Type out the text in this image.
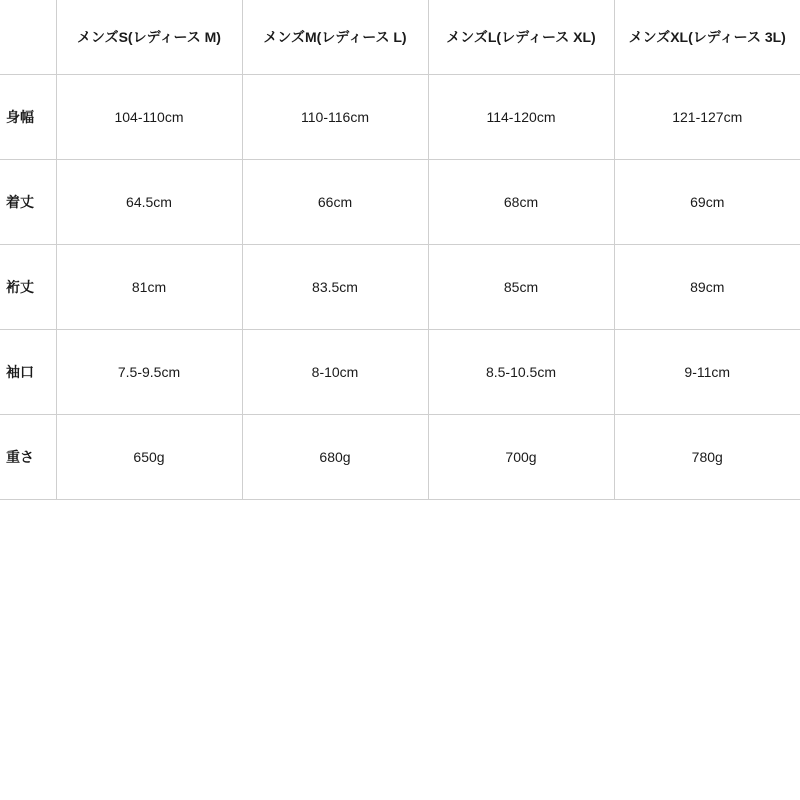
	メンズS(レディース M)	メンズM(レディース L)	メンズL(レディース XL)	メンズXL(レディース 3L)
身幅	104-110cm	110-116cm	114-120cm	121-127cm
着丈	64.5cm	66cm	68cm	69cm
裄丈	81cm	83.5cm	85cm	89cm
袖口	7.5-9.5cm	8-10cm	8.5-10.5cm	9-11cm
重さ	650g	680g	700g	780g
